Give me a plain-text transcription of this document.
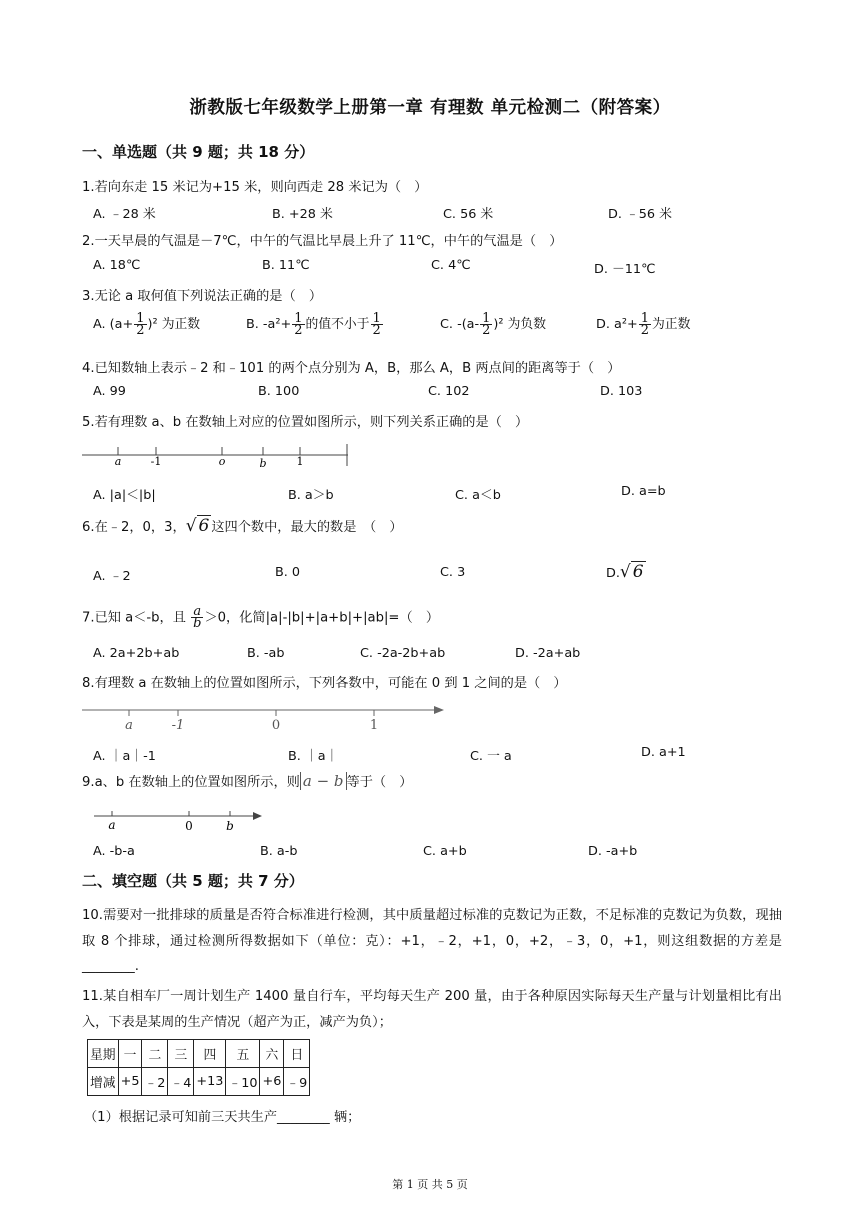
浙教版七年级数学上册第一章 有理数 单元检测二（附答案）
一、单选题（共 9 题；共 18 分）
1.若向东走 15 米记为+15 米，则向西走 28 米记为（　）
A. ﹣28 米	B. +28 米	C. 56 米	D. ﹣56 米
2.一天早晨的气温是－7℃，中午的气温比早晨上升了 11℃，中午的气温是（　）
A. 18℃	B. 11℃	C. 4℃	D. －11℃
3.无论 a 取何值下列说法正确的是（　）
A. $(a+ \frac{1}{2} )^2$ 为正数	B. $-a^2+ \frac{1}{2}$ 的值不小于 $\frac{1}{2}$	C. $-(a- \frac{1}{2} )^2$ 为负数	D. $a^2+ \frac{1}{2}$ 为正数
4.已知数轴上表示﹣2 和﹣101 的两个点分别为 A，B，那么 A，B 两点间的距离等于（　）
A. 99	B. 100	C. 102	D. 103
5.若有理数 a、b 在数轴上对应的位置如图所示，则下列关系正确的是（　）
a	-1	o	b	1
A. |a|＜|b|	B. a＞b	C. a＜b	D. a=b
6.在﹣2，0，3，√ 6 这四个数中，最大的数是　（　）
A. ﹣2	B. 0	C. 3	D.√ 6
7.已知 a＜-b，且 $\frac{a}{b} >0$，化简|a|-|b|+|a+b|+|ab|=（　）
A. 2a+2b+ab	B. -ab	C. -2a-2b+ab	D. -2a+ab
8.有理数 a 在数轴上的位置如图所示，下列各数中，可能在 0 到 1 之间的是（　）
a	-1	0	1
A. ｜a｜-1	B. ｜a｜	C. 一 a	D. a+1
9.a、b 在数轴上的位置如图所示，则 a − b 等于（　）
a	0	b
A. -b-a	B. a-b	C. a+b	D. -a+b
二、填空题（共 5 题；共 7 分）
10.需要对一批排球的质量是否符合标准进行检测，其中质量超过标准的克数记为正数，不足标准的克数记为负数，现抽取 8 个排球，通过检测所得数据如下（单位：克）：+1，﹣2，+1，0，+2，﹣3，0，+1，则这组数据的方差是________.
11.某自相车厂一周计划生产 1400 量自行车，平均每天生产 200 量，由于各种原因实际每天生产量与计划量相比有出入，下表是某周的生产情况（超产为正，减产为负）；
星期	一	二	三	四	五	六	日
增减	+5	﹣2	﹣4	+13	﹣10	+6	﹣9
（1）根据记录可知前三天共生产________ 辆；
第 1 页 共 5 页
